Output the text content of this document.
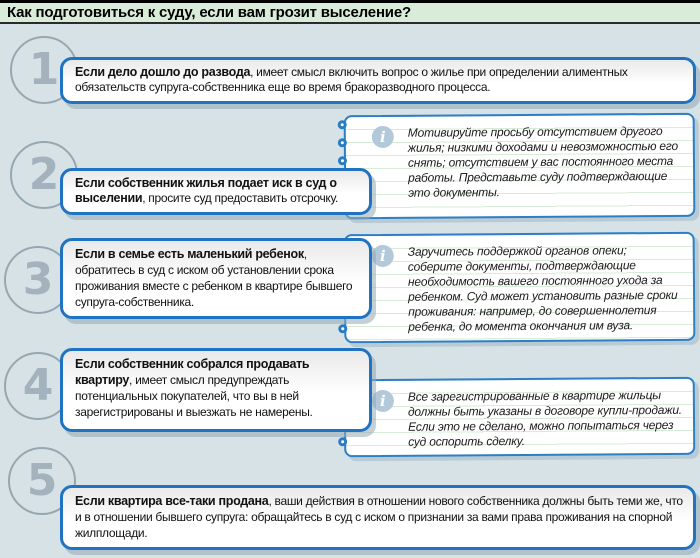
Как подготовиться к суду, если вам грозит выселение?
1
2
3
4
5
i	Мотивируйте просьбу отсутствием другого жилья; низкими доходами и невозможностью его снять; отсутствием у вас постоянного места работы. Представьте суду подтверждающие это документы.

i	Заручитесь поддержкой органов опеки; соберите документы, подтверждающие необходимость вашего постоянного ухода за ребенком. Суд может установить разные сроки проживания: например, до совершеннолетия ребенка, до момента окончания им вуза.

i	Все зарегистрированные в квартире жильцы должны быть указаны в договоре купли-продажи. Если это не сделано, можно попытаться через суд оспорить сделку.

Если дело дошло до развода, имеет смысл включить вопрос о жилье при определении алиментных обязательств супруга-собственника еще во время бракоразводного процесса.

Если собственник жилья подает иск в суд о выселении, просите суд предоставить отсрочку.

Если в семье есть маленький ребенок, обратитесь в суд с иском об установлении срока проживания вместе с ребенком в квартире бывшего супруга-собственника.

Если собственник собрался продавать квартиру, имеет смысл предупреждать потенциальных покупателей, что вы в ней зарегистрированы и выезжать не намерены.

Если квартира все-таки продана, ваши действия в отношении нового собственника должны быть теми же, что и в отношении бывшего супруга: обращайтесь в суд с иском о признании за вами права проживания на спорной жилплощади.
